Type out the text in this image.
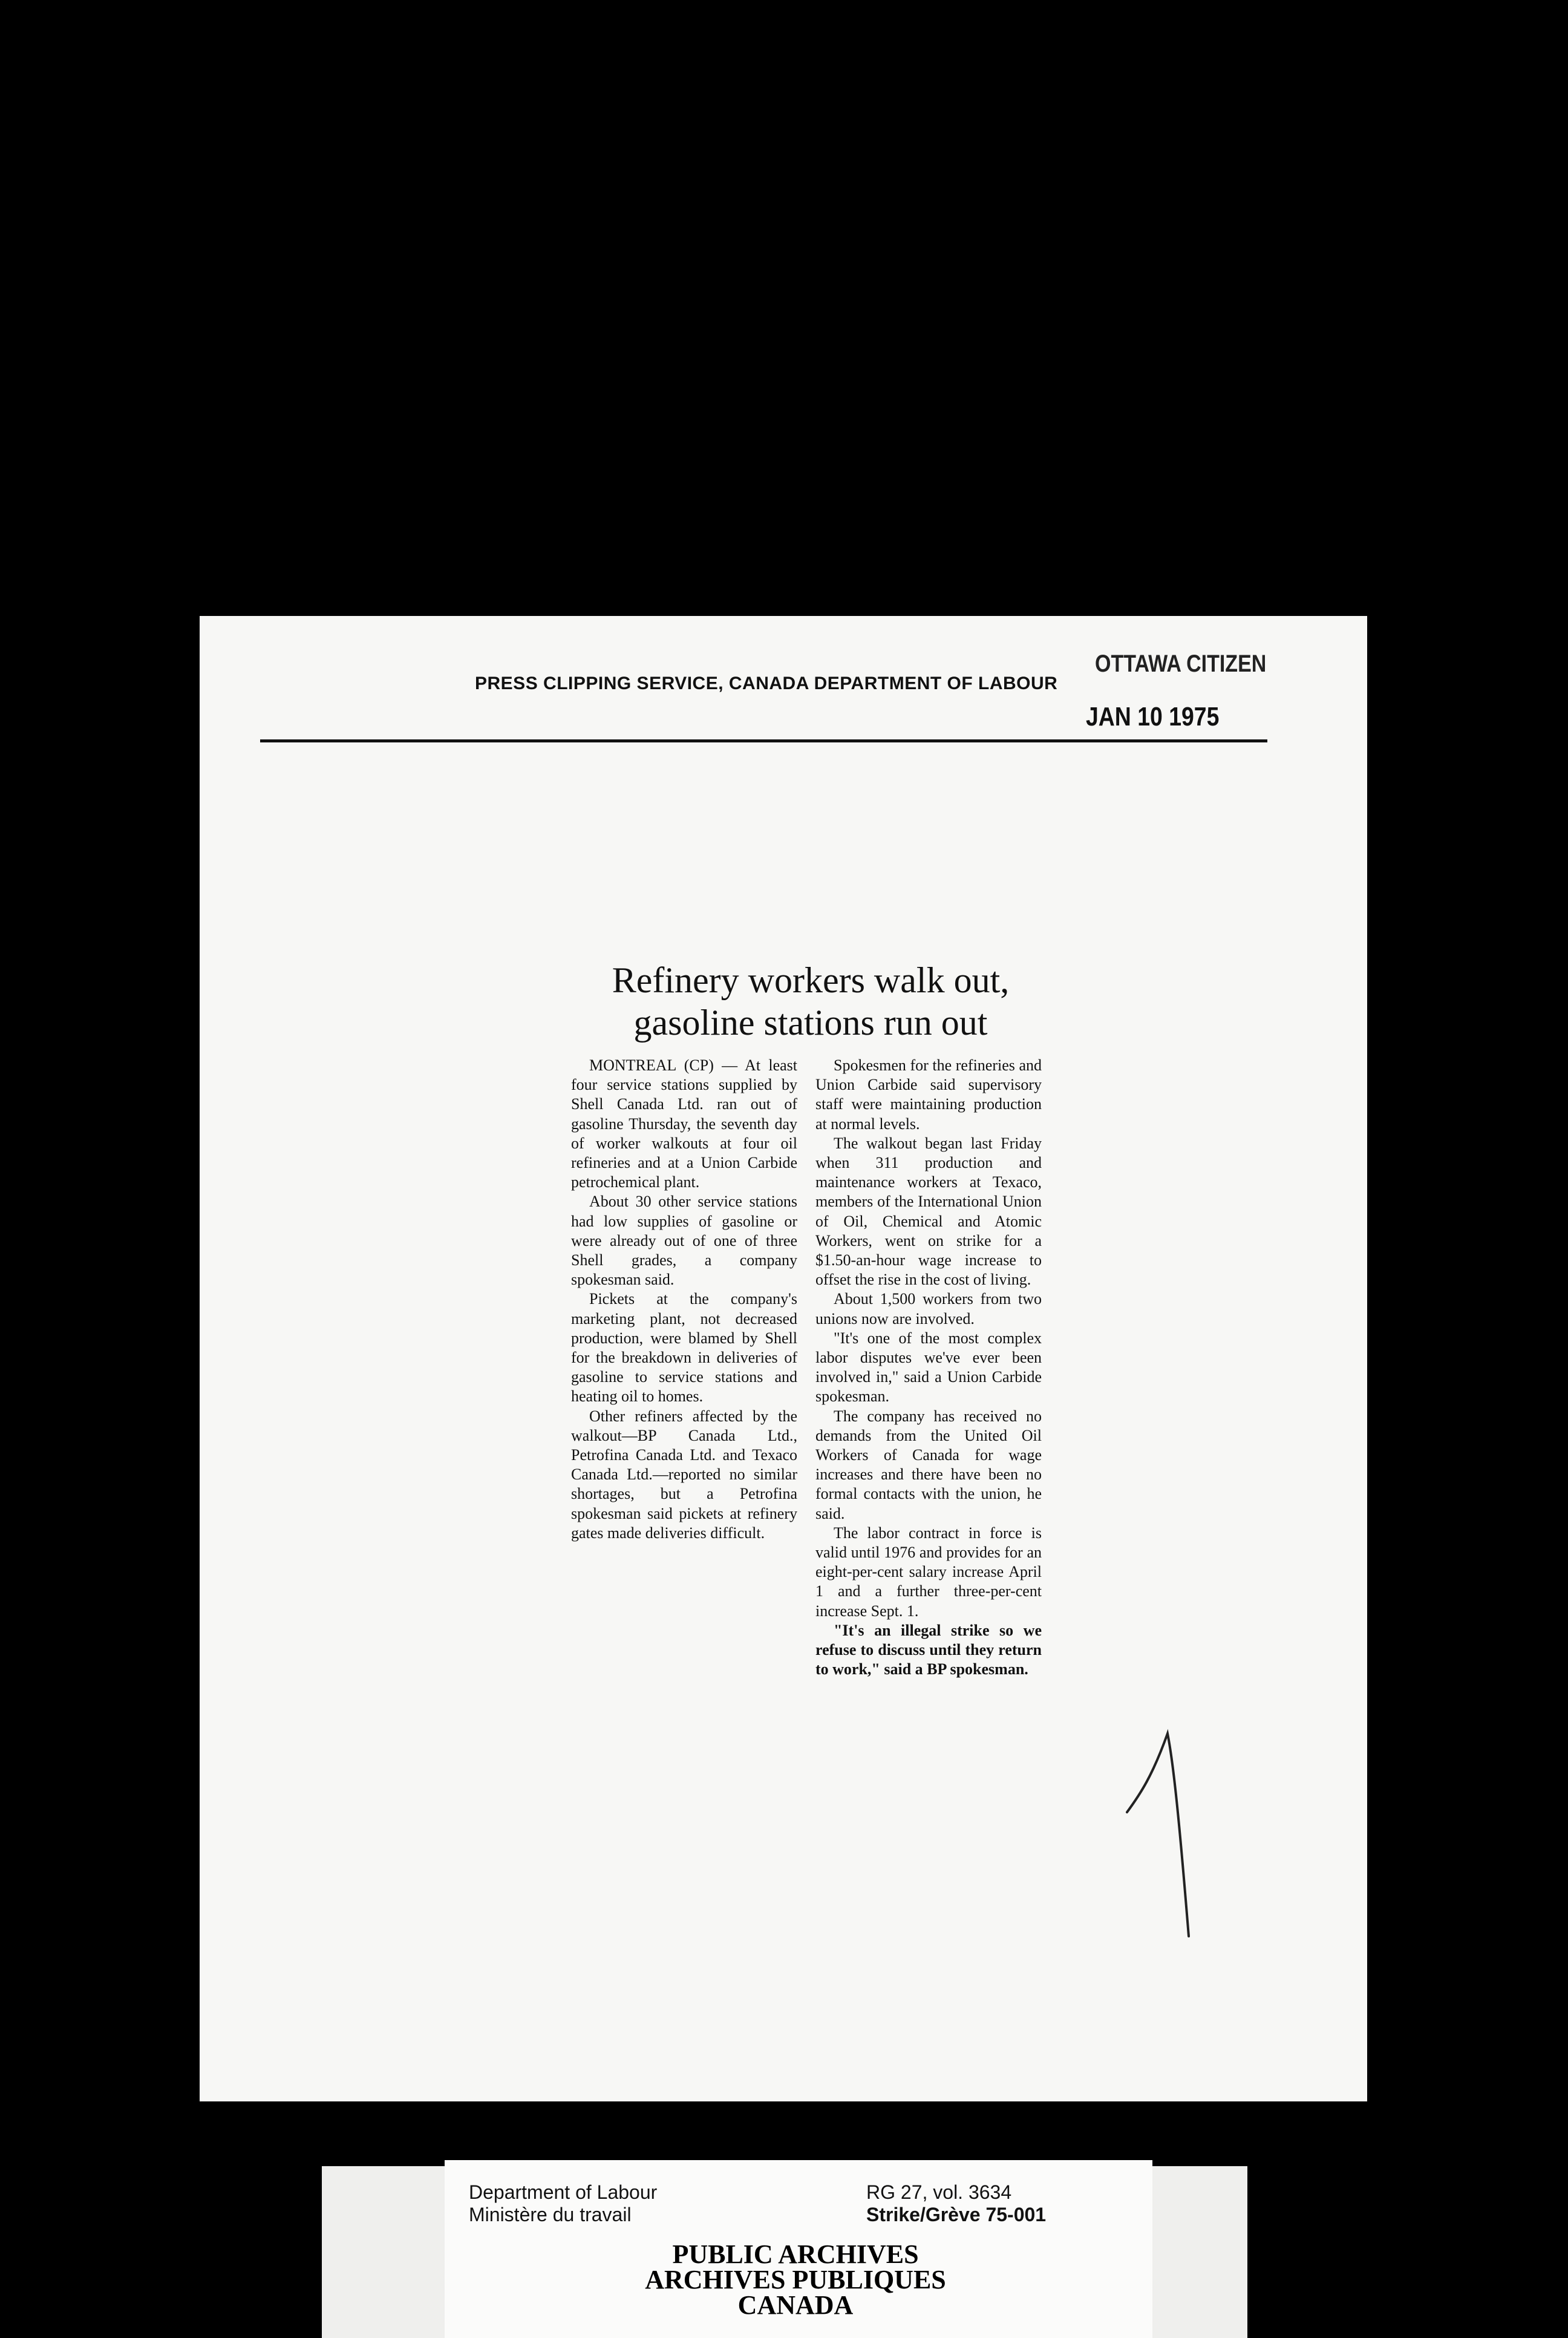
PRESS CLIPPING SERVICE, CANADA DEPARTMENT OF LABOUR
OTTAWA CITIZEN
JAN 10 1975
Refinery workers walk out,
gasoline stations run out

MONTREAL (CP) — At least four service stations supplied by Shell Canada Ltd. ran out of gasoline Thursday, the seventh day of worker walkouts at four oil refineries and at a Union Carbide petrochemical plant.

About 30 other service stations had low supplies of gasoline or were already out of one of three Shell grades, a company spokesman said.

Pickets at the company's marketing plant, not decreased production, were blamed by Shell for the breakdown in deliveries of gasoline to service stations and heating oil to homes.

Other refiners affected by the walkout—BP Canada Ltd., Petrofina Canada Ltd. and Texaco Canada Ltd.—reported no similar shortages, but a Petrofina spokesman said pickets at refinery gates made deliveries difficult.

Spokesmen for the refineries and Union Carbide said supervisory staff were maintaining production at normal levels.

The walkout began last Friday when 311 production and maintenance workers at Texaco, members of the International Union of Oil, Chemical and Atomic Workers, went on strike for a $1.50-an-hour wage increase to offset the rise in the cost of living.

About 1,500 workers from two unions now are involved.

"It's one of the most complex labor disputes we've ever been involved in," said a Union Carbide spokesman.

The company has received no demands from the United Oil Workers of Canada for wage increases and there have been no formal contacts with the union, he said.

The labor contract in force is valid until 1976 and provides for an eight-per-cent salary increase April 1 and a further three-per-cent increase Sept. 1.

"It's an illegal strike so we refuse to discuss until they return to work," said a BP spokesman.

Department of Labour
Ministère du travail
RG 27, vol. 3634
Strike/Grève 75-001
PUBLIC ARCHIVES
ARCHIVES PUBLIQUES
CANADA
